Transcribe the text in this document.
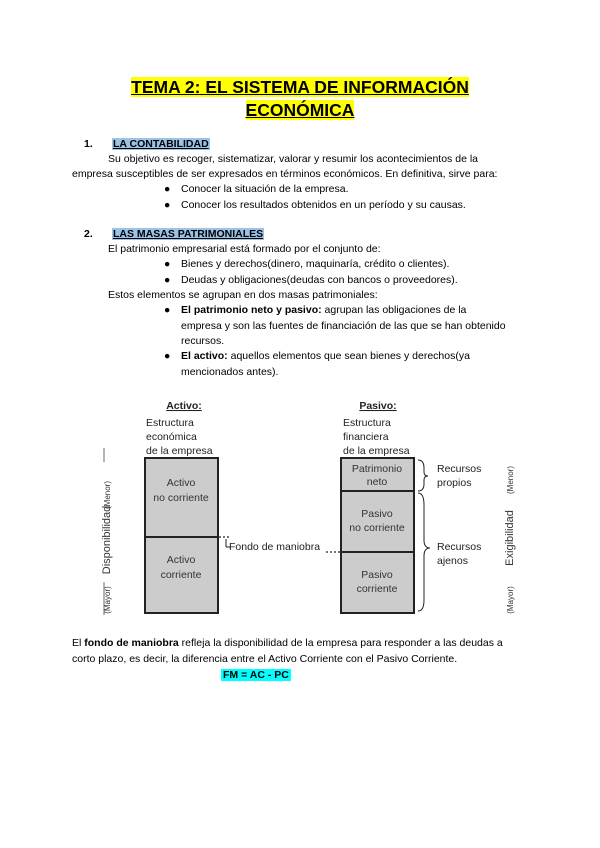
TEMA 2: EL SISTEMA DE INFORMACIÓN
ECONÓMICA
1. LA CONTABILIDAD
Su objetivo es recoger, sistematizar, valorar y resumir los acontecimientos de la
empresa susceptibles de ser expresados en términos económicos. En definitiva, sirve para:
● Conocer la situación de la empresa.
● Conocer los resultados obtenidos en un período y su causas.
2. LAS MASAS PATRIMONIALES
El patrimonio empresarial está formado por el conjunto de:
● Bienes y derechos(dinero, maquinaría, crédito o clientes).
● Deudas y obligaciones(deudas con bancos o proveedores).
Estos elementos se agrupan en dos masas patrimoniales:
● El patrimonio neto y pasivo: agrupan las obligaciones de la
empresa y son las fuentes de financiación de las que se han obtenido
recursos.
● El activo: aquellos elementos que sean bienes y derechos(ya
mencionados antes).
Activo:
Estructura
económica
de la empresa
Pasivo:
Estructura
financiera
de la empresa
Activo
no corriente
Activo
corriente
Patrimonio
neto
Pasivo
no corriente
Pasivo
corriente
Fondo de maniobra
Recursos
propios
Recursos
ajenos
(Menor)
Disponibilidad
(Mayor)
(Menor)
Exigibilidad
(Mayor)
El fondo de maniobra refleja la disponibilidad de la empresa para responder a las deudas a
corto plazo, es decir, la diferencia entre el Activo Corriente con el Pasivo Corriente.
FM = AC - PC
